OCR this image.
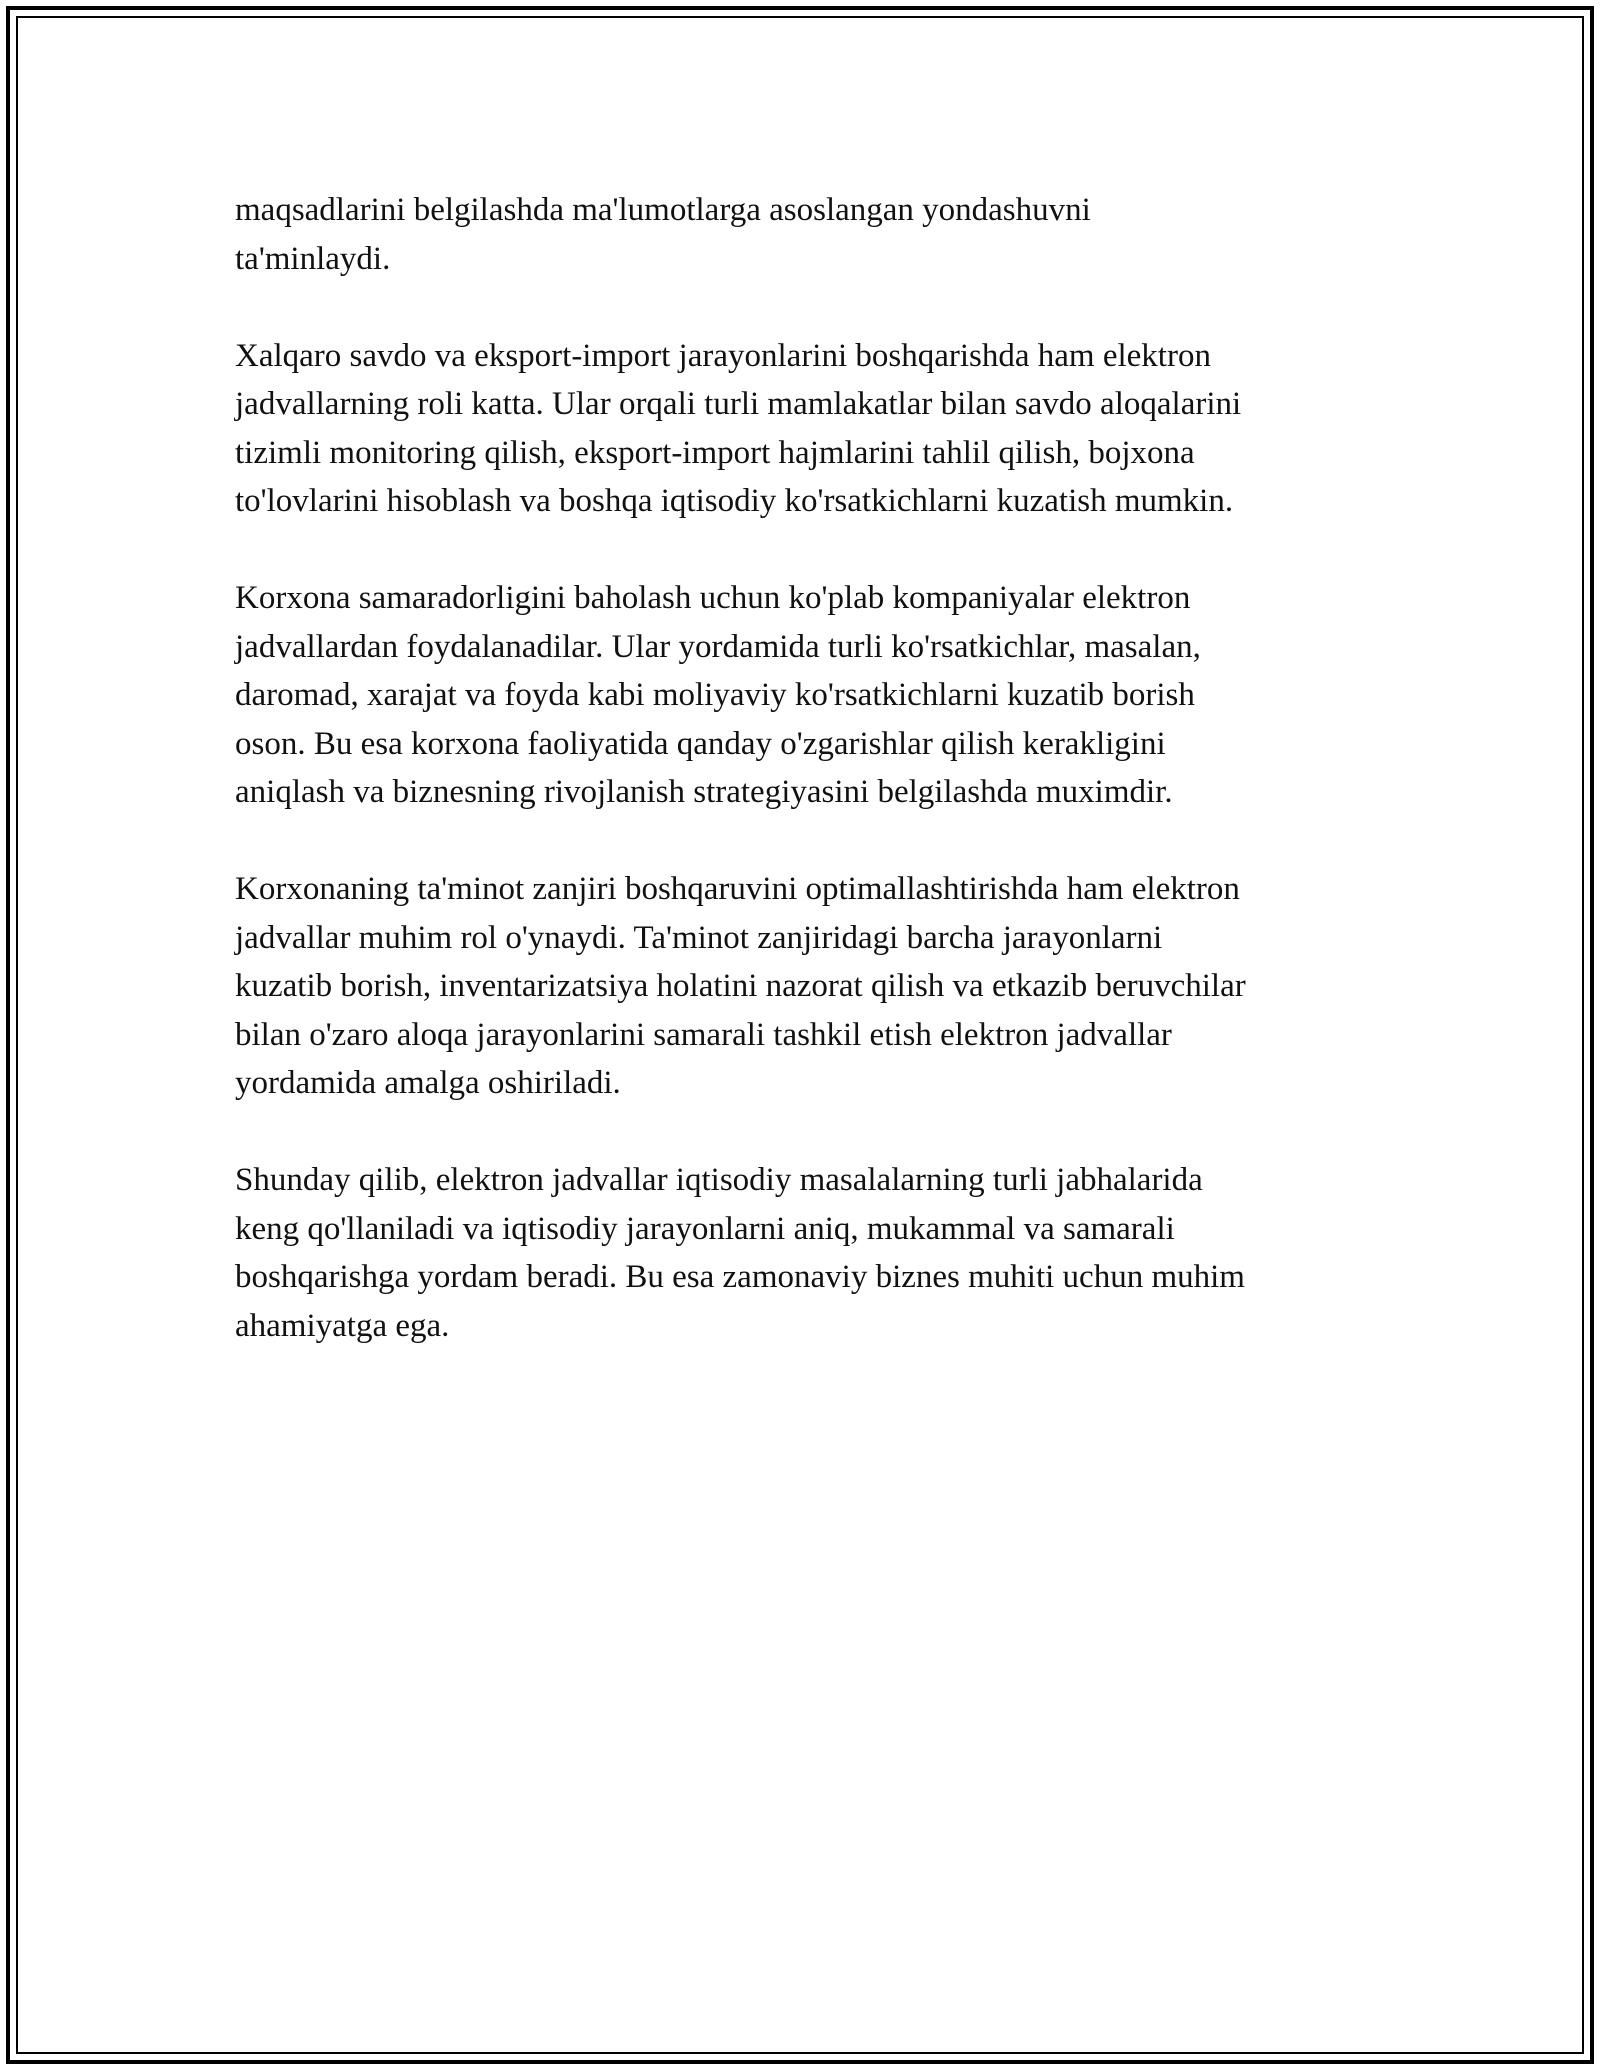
maqsadlarini belgilashda ma'lumotlarga asoslangan yondashuvni
ta'minlaydi.

Xalqaro savdo va eksport-import jarayonlarini boshqarishda ham elektron
jadvallarning roli katta. Ular orqali turli mamlakatlar bilan savdo aloqalarini
tizimli monitoring qilish, eksport-import hajmlarini tahlil qilish, bojxona
to'lovlarini hisoblash va boshqa iqtisodiy ko'rsatkichlarni kuzatish mumkin.

Korxona samaradorligini baholash uchun ko'plab kompaniyalar elektron
jadvallardan foydalanadilar. Ular yordamida turli ko'rsatkichlar, masalan,
daromad, xarajat va foyda kabi moliyaviy ko'rsatkichlarni kuzatib borish
oson. Bu esa korxona faoliyatida qanday o'zgarishlar qilish kerakligini
aniqlash va biznesning rivojlanish strategiyasini belgilashda muximdir.

Korxonaning ta'minot zanjiri boshqaruvini optimallashtirishda ham elektron
jadvallar muhim rol o'ynaydi. Ta'minot zanjiridagi barcha jarayonlarni
kuzatib borish, inventarizatsiya holatini nazorat qilish va etkazib beruvchilar
bilan o'zaro aloqa jarayonlarini samarali tashkil etish elektron jadvallar
yordamida amalga oshiriladi.

Shunday qilib, elektron jadvallar iqtisodiy masalalarning turli jabhalarida
keng qo'llaniladi va iqtisodiy jarayonlarni aniq, mukammal va samarali
boshqarishga yordam beradi. Bu esa zamonaviy biznes muhiti uchun muhim
ahamiyatga ega.
